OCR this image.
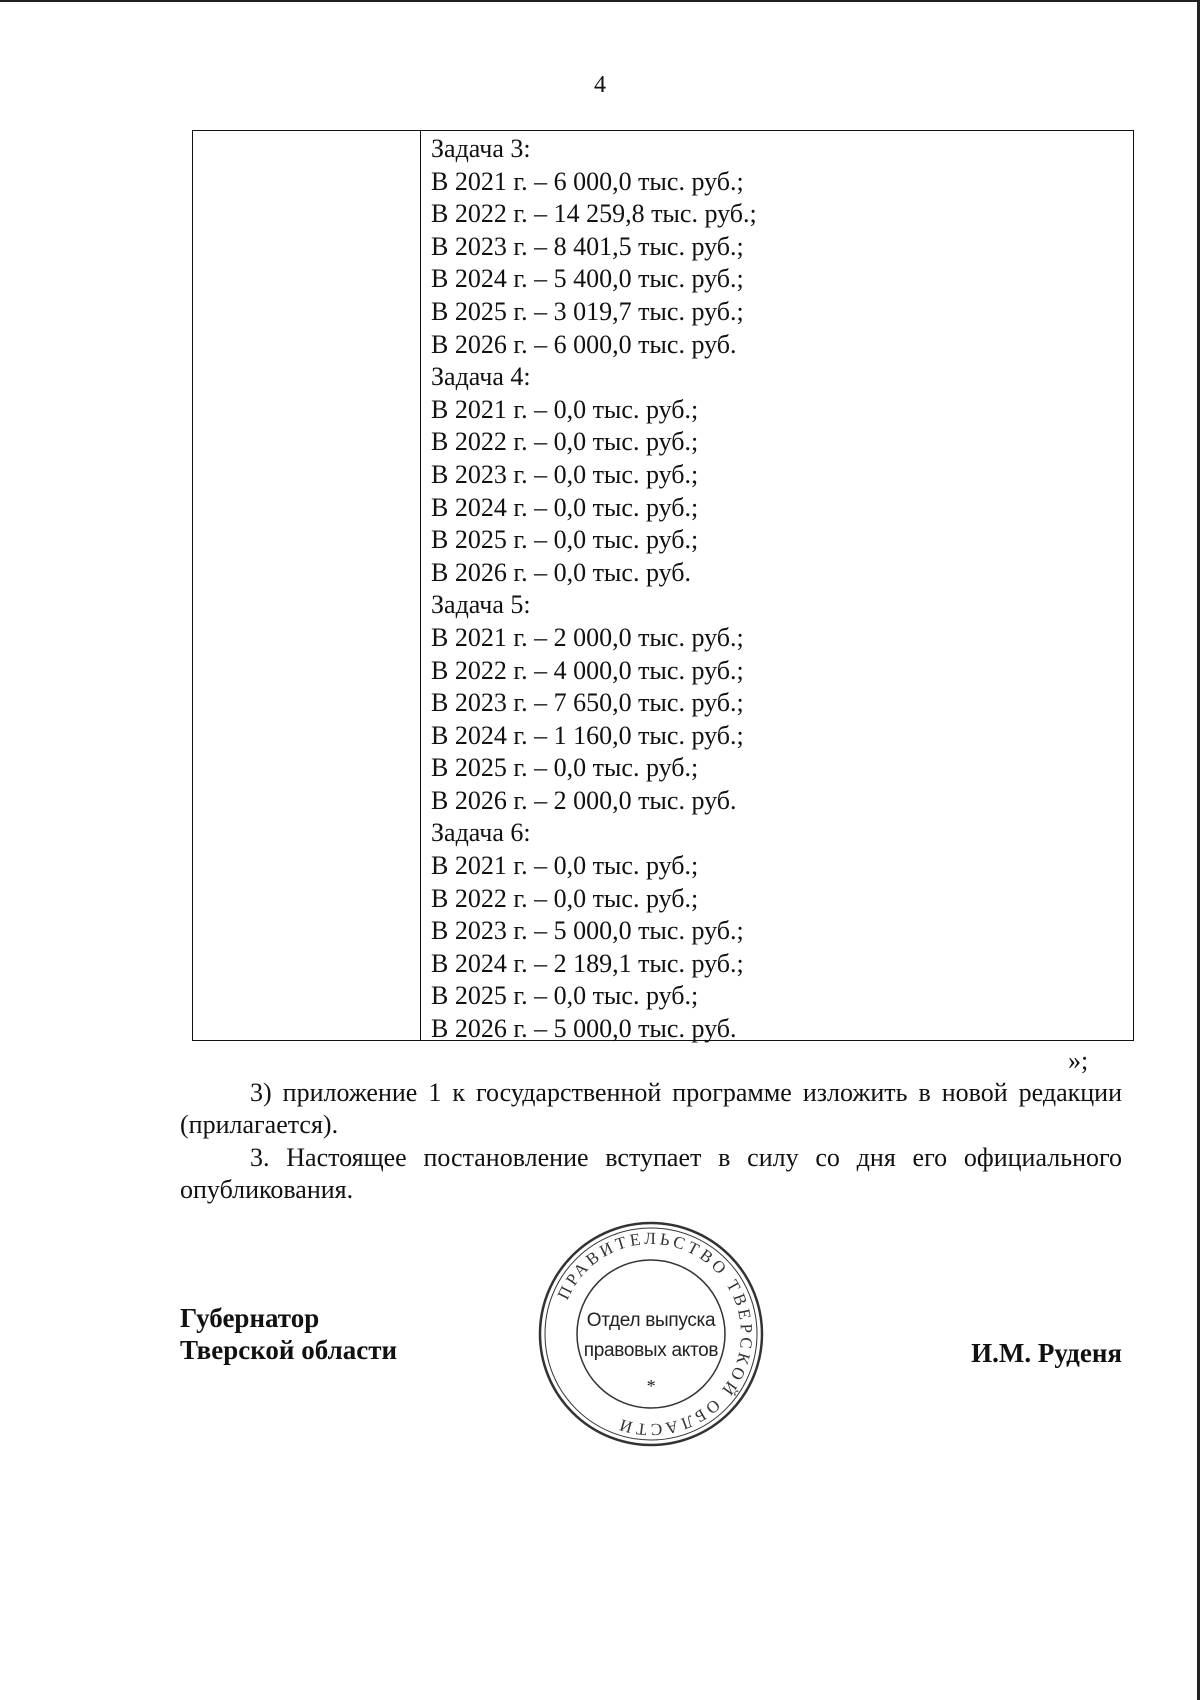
4
Задача 3:
В 2021 г. – 6 000,0 тыс. руб.;
В 2022 г. – 14 259,8 тыс. руб.;
В 2023 г. – 8 401,5 тыс. руб.;
В 2024 г. – 5 400,0 тыс. руб.;
В 2025 г. – 3 019,7 тыс. руб.;
В 2026 г. – 6 000,0 тыс. руб.
Задача 4:
В 2021 г. – 0,0 тыс. руб.;
В 2022 г. – 0,0 тыс. руб.;
В 2023 г. – 0,0 тыс. руб.;
В 2024 г. – 0,0 тыс. руб.;
В 2025 г. – 0,0 тыс. руб.;
В 2026 г. – 0,0 тыс. руб.
Задача 5:
В 2021 г. – 2 000,0 тыс. руб.;
В 2022 г. – 4 000,0 тыс. руб.;
В 2023 г. – 7 650,0 тыс. руб.;
В 2024 г. – 1 160,0 тыс. руб.;
В 2025 г. – 0,0 тыс. руб.;
В 2026 г. – 2 000,0 тыс. руб.
Задача 6:
В 2021 г. – 0,0 тыс. руб.;
В 2022 г. – 0,0 тыс. руб.;
В 2023 г. – 5 000,0 тыс. руб.;
В 2024 г. – 2 189,1 тыс. руб.;
В 2025 г. – 0,0 тыс. руб.;
В 2026 г. – 5 000,0 тыс. руб.
»;
3) приложение 1 к государственной программе изложить в новой редакции (прилагается).
3. Настоящее постановление вступает в силу со дня его официального опубликования.
Губернатор
Тверской области
ПРАВИТЕЛЬСТВО ТВЕРСКОЙ ОБЛАСТИ
Отдел выпуска
правовых актов
*
И.М. Руденя
